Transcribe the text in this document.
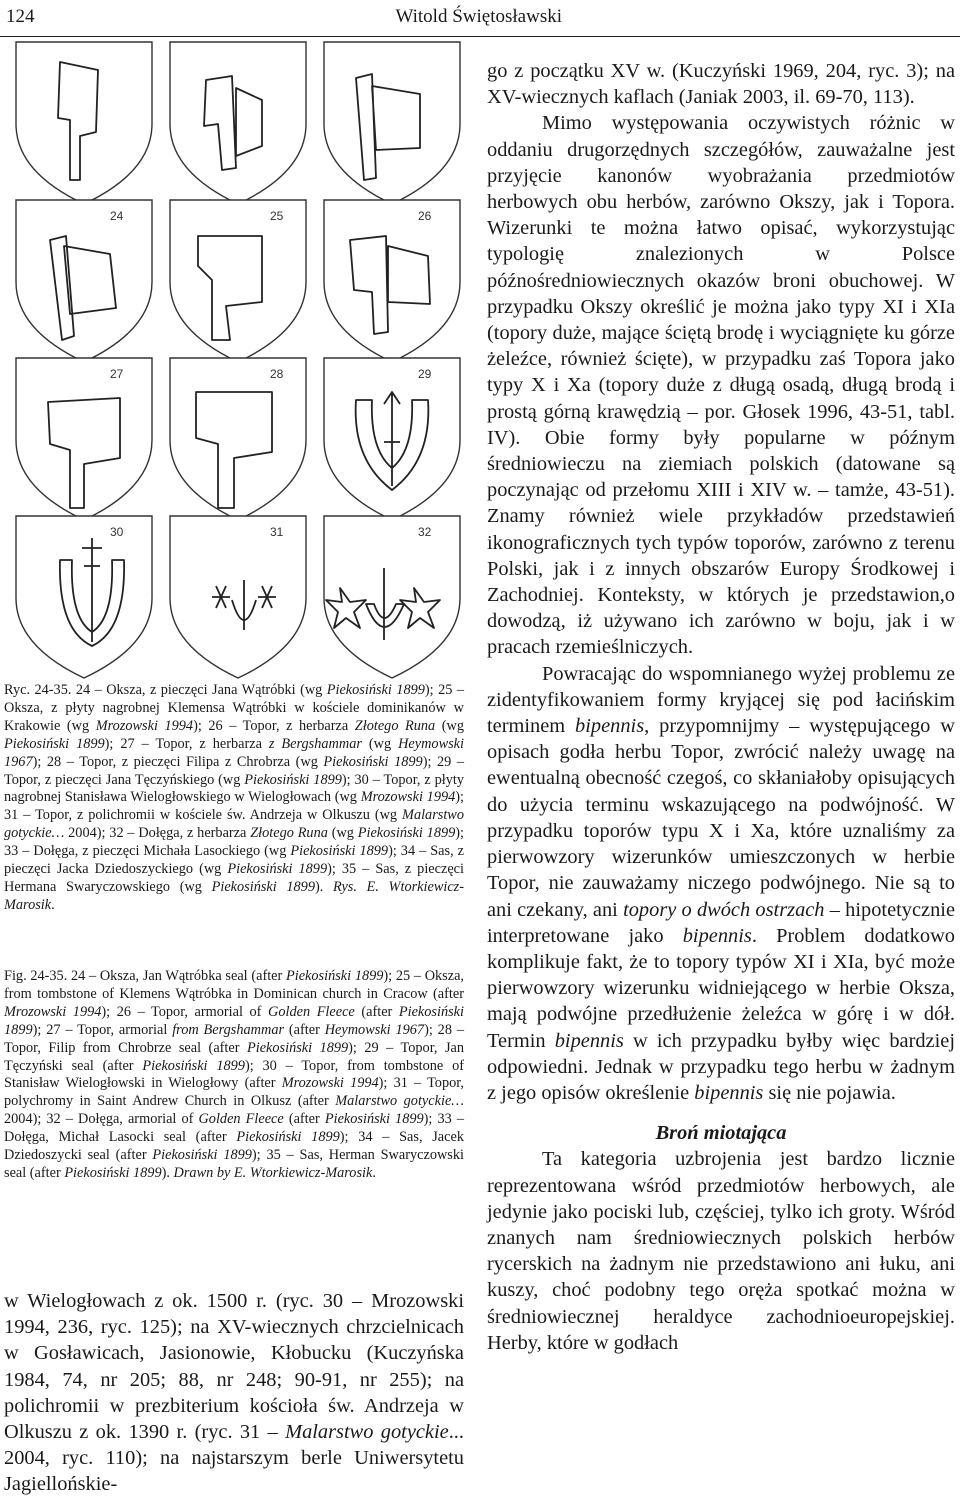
124	Witold Świętosławski
24	25	26
27	28	29
30	31	32
Ryc. 24-35. 24 – Oksza, z pieczęci Jana Wątróbki (wg Piekosiński 1899); 25 – Oksza, z płyty nagrobnej Klemensa Wątróbki w kościele dominikanów w Krakowie (wg Mrozowski 1994); 26 – Topor, z herbarza Złotego Runa (wg Piekosiński 1899); 27 – Topor, z herbarza z Bergshammar (wg Heymowski 1967); 28 – Topor, z pieczęci Filipa z Chrobrza (wg Piekosiński 1899); 29 – Topor, z pieczęci Jana Tęczyńskiego (wg Piekosiński 1899); 30 – Topor, z płyty nagrobnej Stanisława Wielogłowskiego w Wielogłowach (wg Mrozowski 1994); 31 – Topor, z polichromii w kościele św. Andrzeja w Olkuszu (wg Malarstwo gotyckie… 2004); 32 – Dołęga, z herbarza Złotego Runa (wg Piekosiński 1899); 33 – Dołęga, z pieczęci Michała Lasockiego (wg Piekosiński 1899); 34 – Sas, z pieczęci Jacka Dziedoszyckiego (wg Piekosiński 1899); 35 – Sas, z pieczęci Hermana Swaryczowskiego (wg Piekosiński 1899). Rys. E. Wtorkiewicz-Marosik.
Fig. 24-35. 24 – Oksza, Jan Wątróbka seal (after Piekosiński 1899); 25 – Oksza, from tombstone of Klemens Wątróbka in Dominican church in Cracow (after Mrozowski 1994); 26 – Topor, armorial of Golden Fleece (after Piekosiński 1899); 27 – Topor, armorial from Bergshammar (after Heymowski 1967); 28 – Topor, Filip from Chrobrze seal (after Piekosiński 1899); 29 – Topor, Jan Tęczyński seal (after Piekosiński 1899); 30 – Topor, from tombstone of Stanisław Wielogłowski in Wielogłowy (after Mrozowski 1994); 31 – Topor, polychromy in Saint Andrew Church in Olkusz (after Malarstwo gotyckie… 2004); 32 – Dołęga, armorial of Golden Fleece (after Piekosiński 1899); 33 – Dołęga, Michał Lasocki seal (after Piekosiński 1899); 34 – Sas, Jacek Dziedoszycki seal (after Piekosiński 1899); 35 – Sas, Herman Swaryczowski seal (after Piekosiński 1899). Drawn by E. Wtorkiewicz-Marosik.

w Wielogłowach z ok. 1500 r. (ryc. 30 – Mrozowski 1994, 236, ryc. 125); na XV-wiecznych chrzcielnicach w Gosławicach, Jasionowie, Kłobucku (Kuczyńska 1984, 74, nr 205; 88, nr 248; 90-91, nr 255); na polichromii w prezbiterium kościoła św. Andrzeja w Olkuszu z ok. 1390 r. (ryc. 31 – Malarstwo gotyckie... 2004, ryc. 110); na najstarszym berle Uniwersytetu Jagiellońskie-

go z początku XV w. (Kuczyński 1969, 204, ryc. 3); na XV-wiecznych kaflach (Janiak 2003, il. 69-70, 113).

Mimo występowania oczywistych różnic w oddaniu drugorzędnych szczegółów, zauważalne jest przyjęcie kanonów wyobrażania przedmiotów herbowych obu herbów, zarówno Okszy, jak i Topora. Wizerunki te można łatwo opisać, wykorzystując typologię znalezionych w Polsce późnośredniowiecznych okazów broni obuchowej. W przypadku Okszy określić je można jako typy XI i XIa (topory duże, mające ściętą brodę i wyciągnięte ku górze żeleźce, również ścięte), w przypadku zaś Topora jako typy X i Xa (topory duże z długą osadą, długą brodą i prostą górną krawędzią – por. Głosek 1996, 43-51, tabl. IV). Obie formy były popularne w późnym średniowieczu na ziemiach polskich (datowane są poczynając od przełomu XIII i XIV w. – tamże, 43-51). Znamy również wiele przykładów przedstawień ikonograficznych tych typów toporów, zarówno z terenu Polski, jak i z innych obszarów Europy Środkowej i Zachodniej. Konteksty, w których je przedstawion,o dowodzą, iż używano ich zarówno w boju, jak i w pracach rzemieślniczych.

Powracając do wspomnianego wyżej problemu ze zidentyfikowaniem formy kryjącej się pod łacińskim terminem bipennis, przypomnijmy – występującego w opisach godła herbu Topor, zwrócić należy uwagę na ewentualną obecność czegoś, co skłaniałoby opisujących do użycia terminu wskazującego na podwójność. W przypadku toporów typu X i Xa, które uznaliśmy za pierwowzory wizerunków umieszczonych w herbie Topor, nie zauważamy niczego podwójnego. Nie są to ani czekany, ani topory o dwóch ostrzach – hipotetycznie interpretowane jako bipennis. Problem dodatkowo komplikuje fakt, że to topory typów XI i XIa, być może pierwowzory wizerunku widniejącego w herbie Oksza, mają podwójne przedłużenie żeleźca w górę i w dół. Termin bipennis w ich przypadku byłby więc bardziej odpowiedni. Jednak w przypadku tego herbu w żadnym z jego opisów określenie bipennis się nie pojawia.

Broń miotająca

Ta kategoria uzbrojenia jest bardzo licznie reprezentowana wśród przedmiotów herbowych, ale jedynie jako pociski lub, częściej, tylko ich groty. Wśród znanych nam średniowiecznych polskich herbów rycerskich na żadnym nie przedstawiono ani łuku, ani kuszy, choć podobny tego oręża spotkać można w średniowiecznej heraldyce zachodnioeuropejskiej. Herby, które w godłach
